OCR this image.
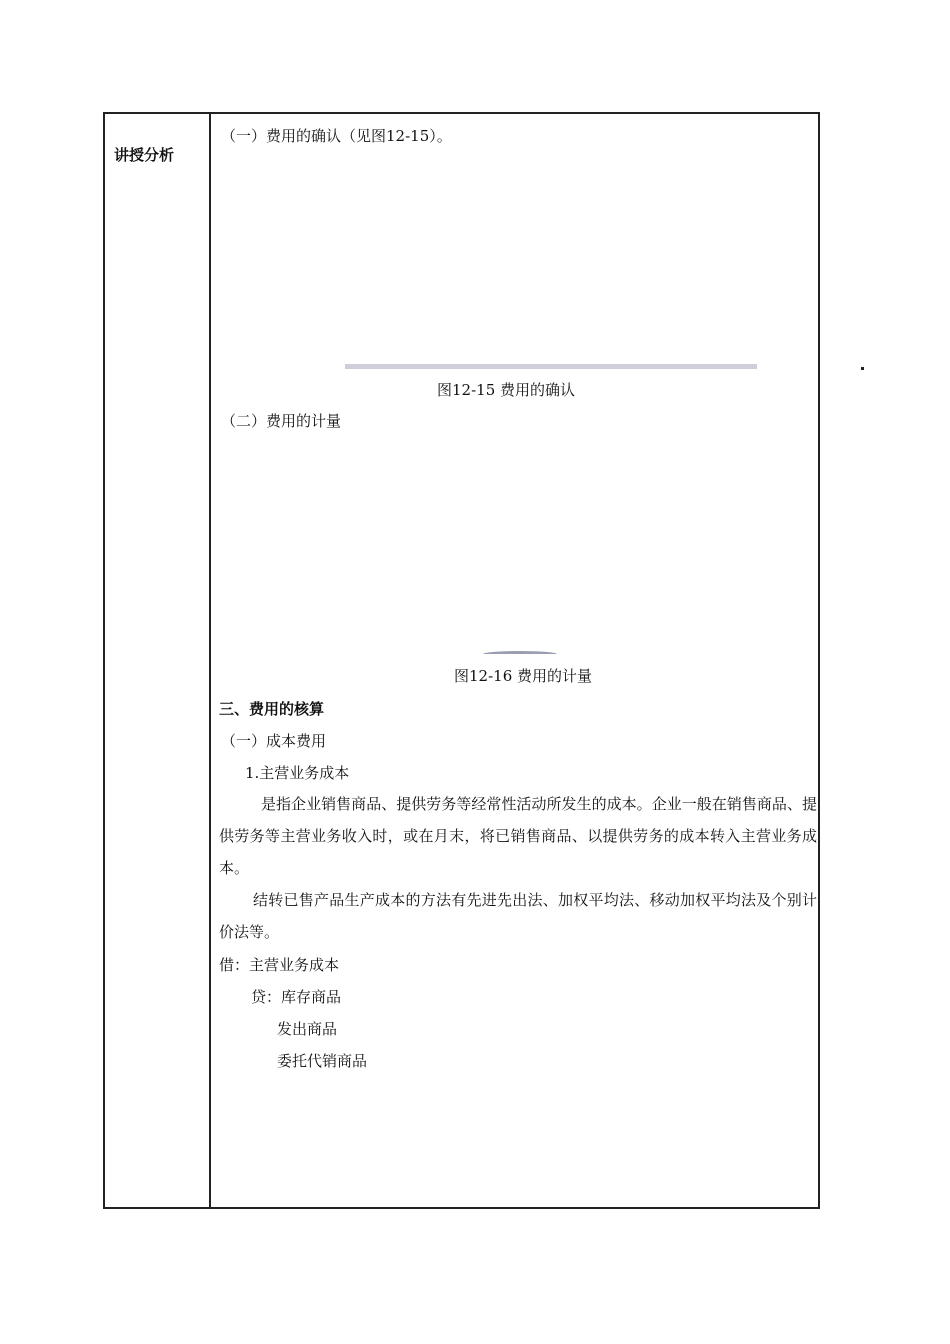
讲授分析
（一）费用的确认（见图12-15）。
图12-15 费用的确认
（二）费用的计量
图12-16 费用的计量
三、费用的核算
（一）成本费用
1.主营业务成本
是指企业销售商品、提供劳务等经常性活动所发生的成本。企业一般在销售商品、提供劳务等主营业务收入时，或在月末，将已销售商品、以提供劳务的成本转入主营业务成本。
结转已售产品生产成本的方法有先进先出法、加权平均法、移动加权平均法及个别计价法等。
借：主营业务成本
贷：库存商品
发出商品
委托代销商品
